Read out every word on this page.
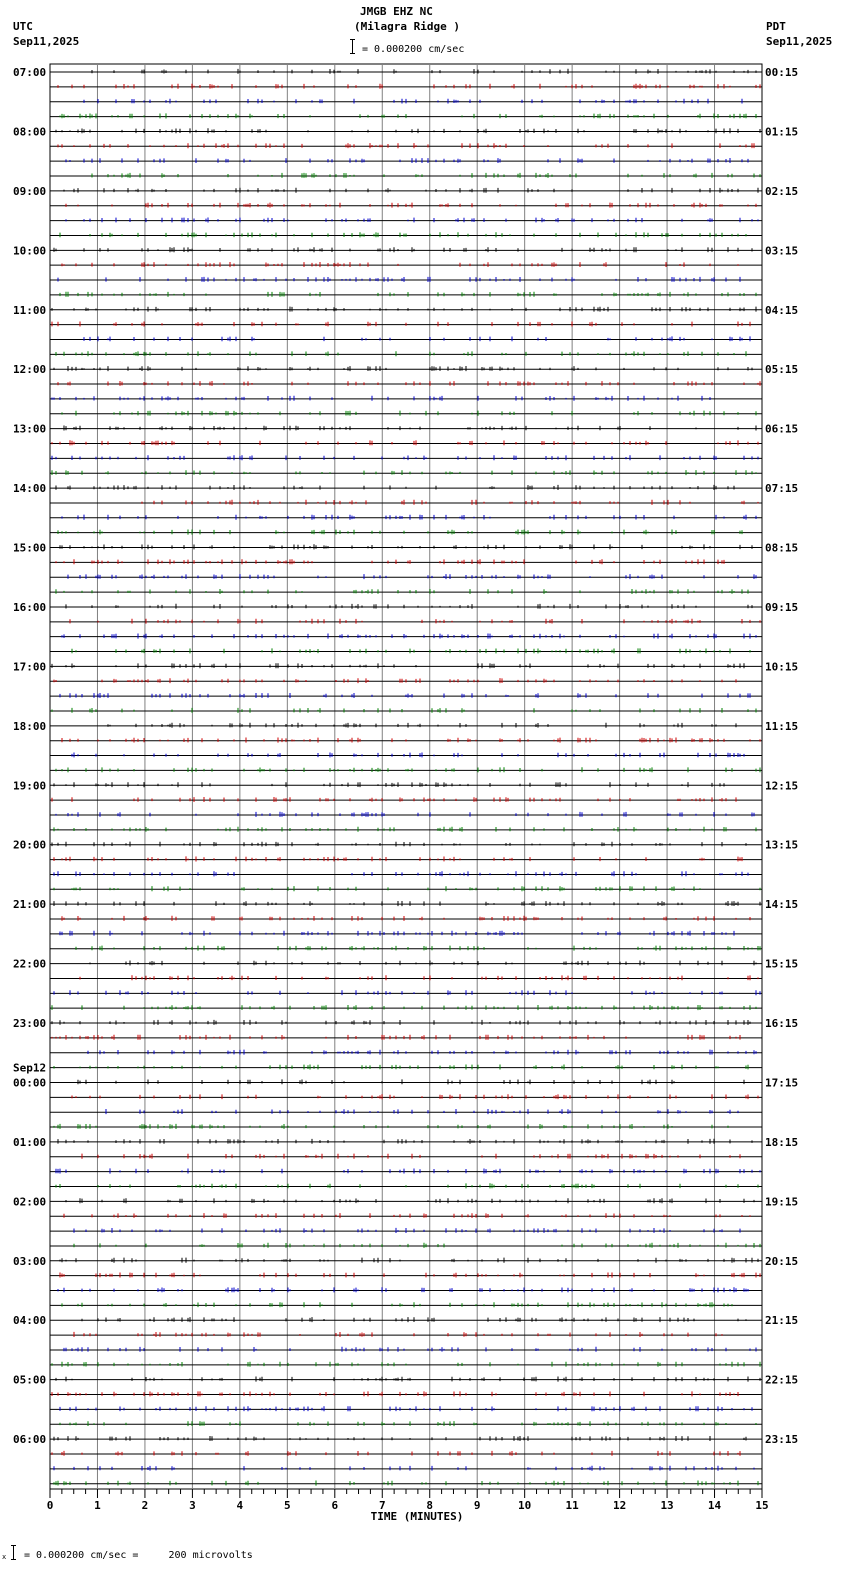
UTC
Sep11,2025
PDT
Sep11,2025
JMGB EHZ NC
(Milagra Ridge )
= 0.000200 cm/sec
0	1	2	3	4	5	6	7	8	9	10	11	12	13	14	15
TIME (MINUTES)
07:00
08:00
09:00
10:00
11:00
12:00
13:00
14:00
15:00
16:00
17:00
18:00
19:00
20:00
21:00
22:00
23:00
00:00
Sep12
01:00
02:00
03:00
04:00
05:00
06:00
00:15
01:15
02:15
03:15
04:15
05:15
06:15
07:15
08:15
09:15
10:15
11:15
12:15
13:15
14:15
15:15
16:15
17:15
18:15
19:15
20:15
21:15
22:15
23:15
x = 0.000200 cm/sec =     200 microvolts
